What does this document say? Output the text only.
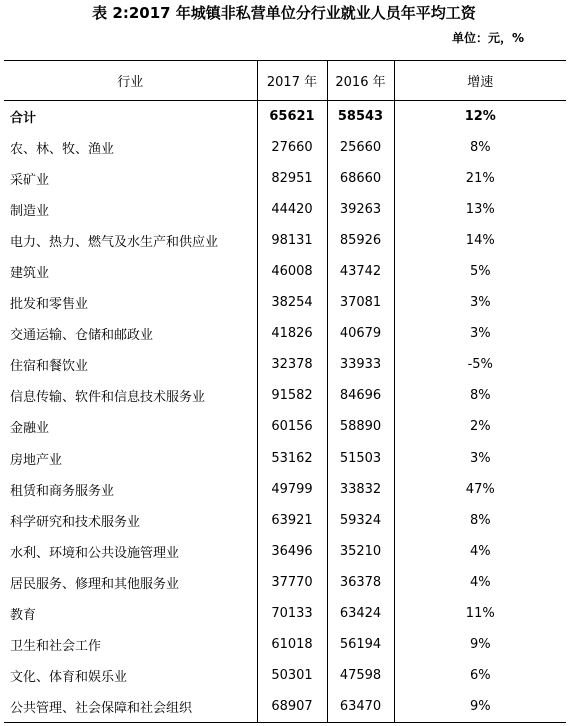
表 2:2017 年城镇非私营单位分行业就业人员年平均工资
单位：元，%
行业	2017 年	2016 年	增速
合计	65621	58543	12%
农、林、牧、渔业	27660	25660	8%
采矿业	82951	68660	21%
制造业	44420	39263	13%
电力、热力、燃气及水生产和供应业	98131	85926	14%
建筑业	46008	43742	5%
批发和零售业	38254	37081	3%
交通运输、仓储和邮政业	41826	40679	3%
住宿和餐饮业	32378	33933	-5%
信息传输、软件和信息技术服务业	91582	84696	8%
金融业	60156	58890	2%
房地产业	53162	51503	3%
租赁和商务服务业	49799	33832	47%
科学研究和技术服务业	63921	59324	8%
水利、环境和公共设施管理业	36496	35210	4%
居民服务、修理和其他服务业	37770	36378	4%
教育	70133	63424	11%
卫生和社会工作	61018	56194	9%
文化、体育和娱乐业	50301	47598	6%
公共管理、社会保障和社会组织	68907	63470	9%
